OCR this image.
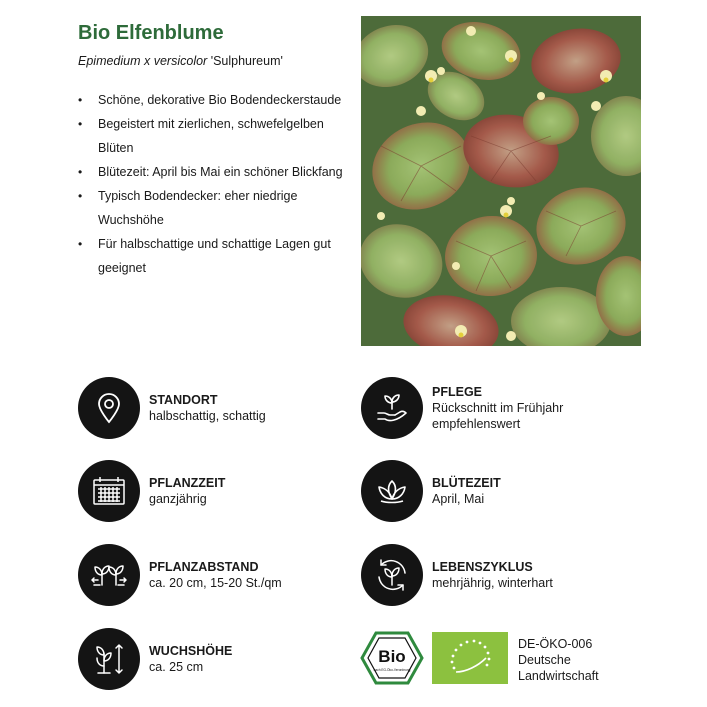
Bio Elfenblume
Epimedium x versicolor 'Sulphureum'
• Schöne, dekorative Bio Bodendeckerstaude
• Begeistert mit zierlichen, schwefelgelben Blüten
• Blütezeit: April bis Mai ein schöner Blickfang
• Typisch Bodendecker: eher niedrige Wuchshöhe
• Für halbschattige und schattige Lagen gut geeignet
STANDORT
halbschattig, schattig
PFLEGE
Rückschnitt im Frühjahr
empfehlenswert
PFLANZZEIT
ganzjährig
BLÜTEZEIT
April, Mai
PFLANZABSTAND
ca. 20 cm, 15-20 St./qm
LEBENSZYKLUS
mehrjährig, winterhart
WUCHSHÖHE
ca. 25 cm
Bio
nach EG-Öko-Verordnung
DE-ÖKO-006
Deutsche
Landwirtschaft
